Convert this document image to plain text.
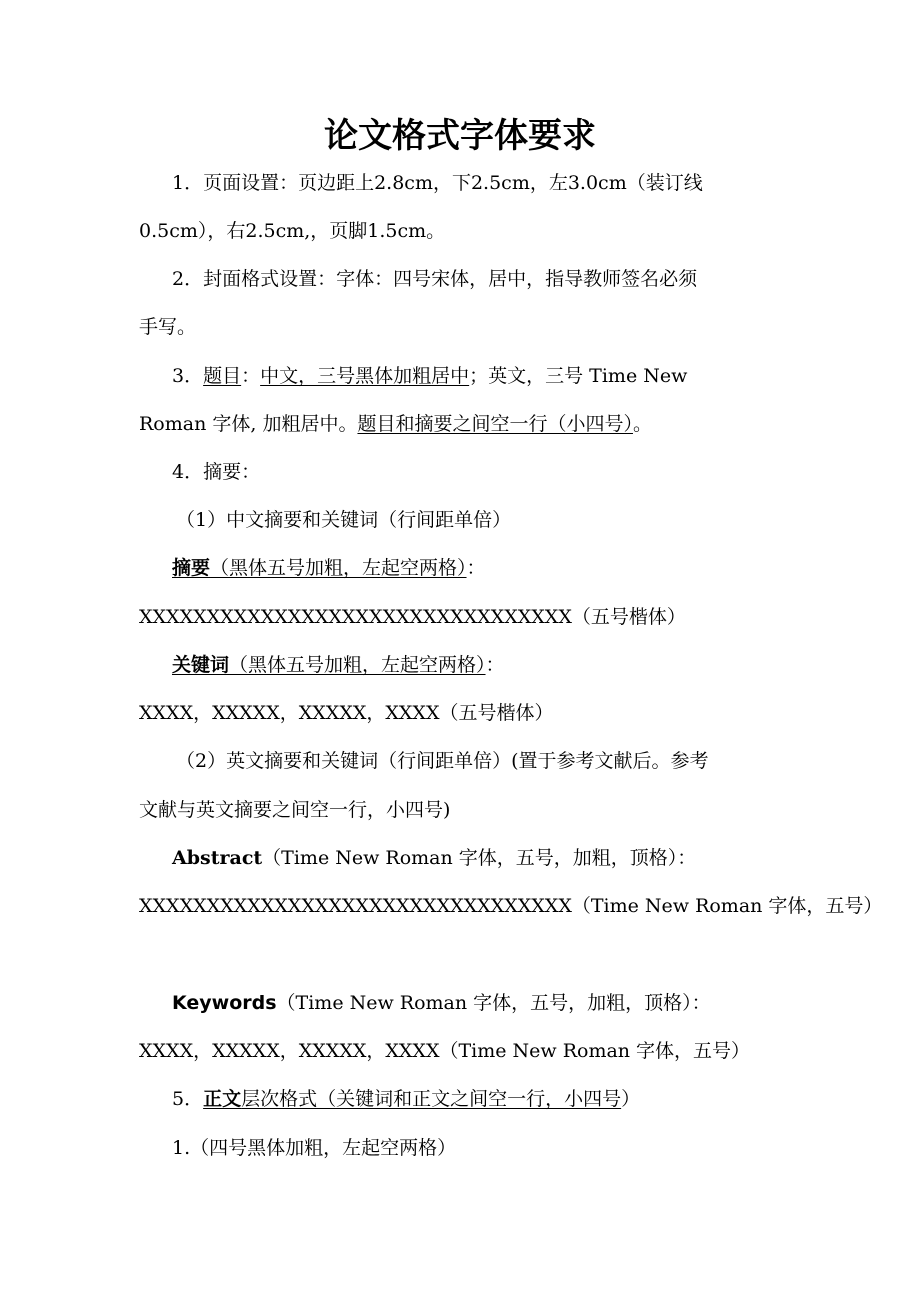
论文格式字体要求
1．页面设置：页边距上2.8cm，下2.5cm，左3.0cm（装订线
0.5cm），右2.5cm,，页脚1.5cm。
2．封面格式设置：字体：四号宋体，居中，指导教师签名必须
手写。
3．题目：中文，三号黑体加粗居中；英文，三号 Time New
Roman 字体, 加粗居中。题目和摘要之间空一行（小四号）。
4．摘要：
（1）中文摘要和关键词（行间距单倍）
摘要（黑体五号加粗，左起空两格）：
XXXXXXXXXXXXXXXXXXXXXXXXXXXXXXXX（五号楷体）
关键词（黑体五号加粗，左起空两格）：
XXXX，XXXXX，XXXXX，XXXX（五号楷体）
（2）英文摘要和关键词（行间距单倍）(置于参考文献后。参考
文献与英文摘要之间空一行，小四号)
Abstract（Time New Roman 字体，五号，加粗，顶格）：
XXXXXXXXXXXXXXXXXXXXXXXXXXXXXXXX（Time New Roman 字体，五号）
Keywords（Time New Roman 字体，五号，加粗，顶格）：
XXXX，XXXXX，XXXXX，XXXX（Time New Roman 字体，五号）
5．正文层次格式（关键词和正文之间空一行，小四号）
1.（四号黑体加粗，左起空两格）
